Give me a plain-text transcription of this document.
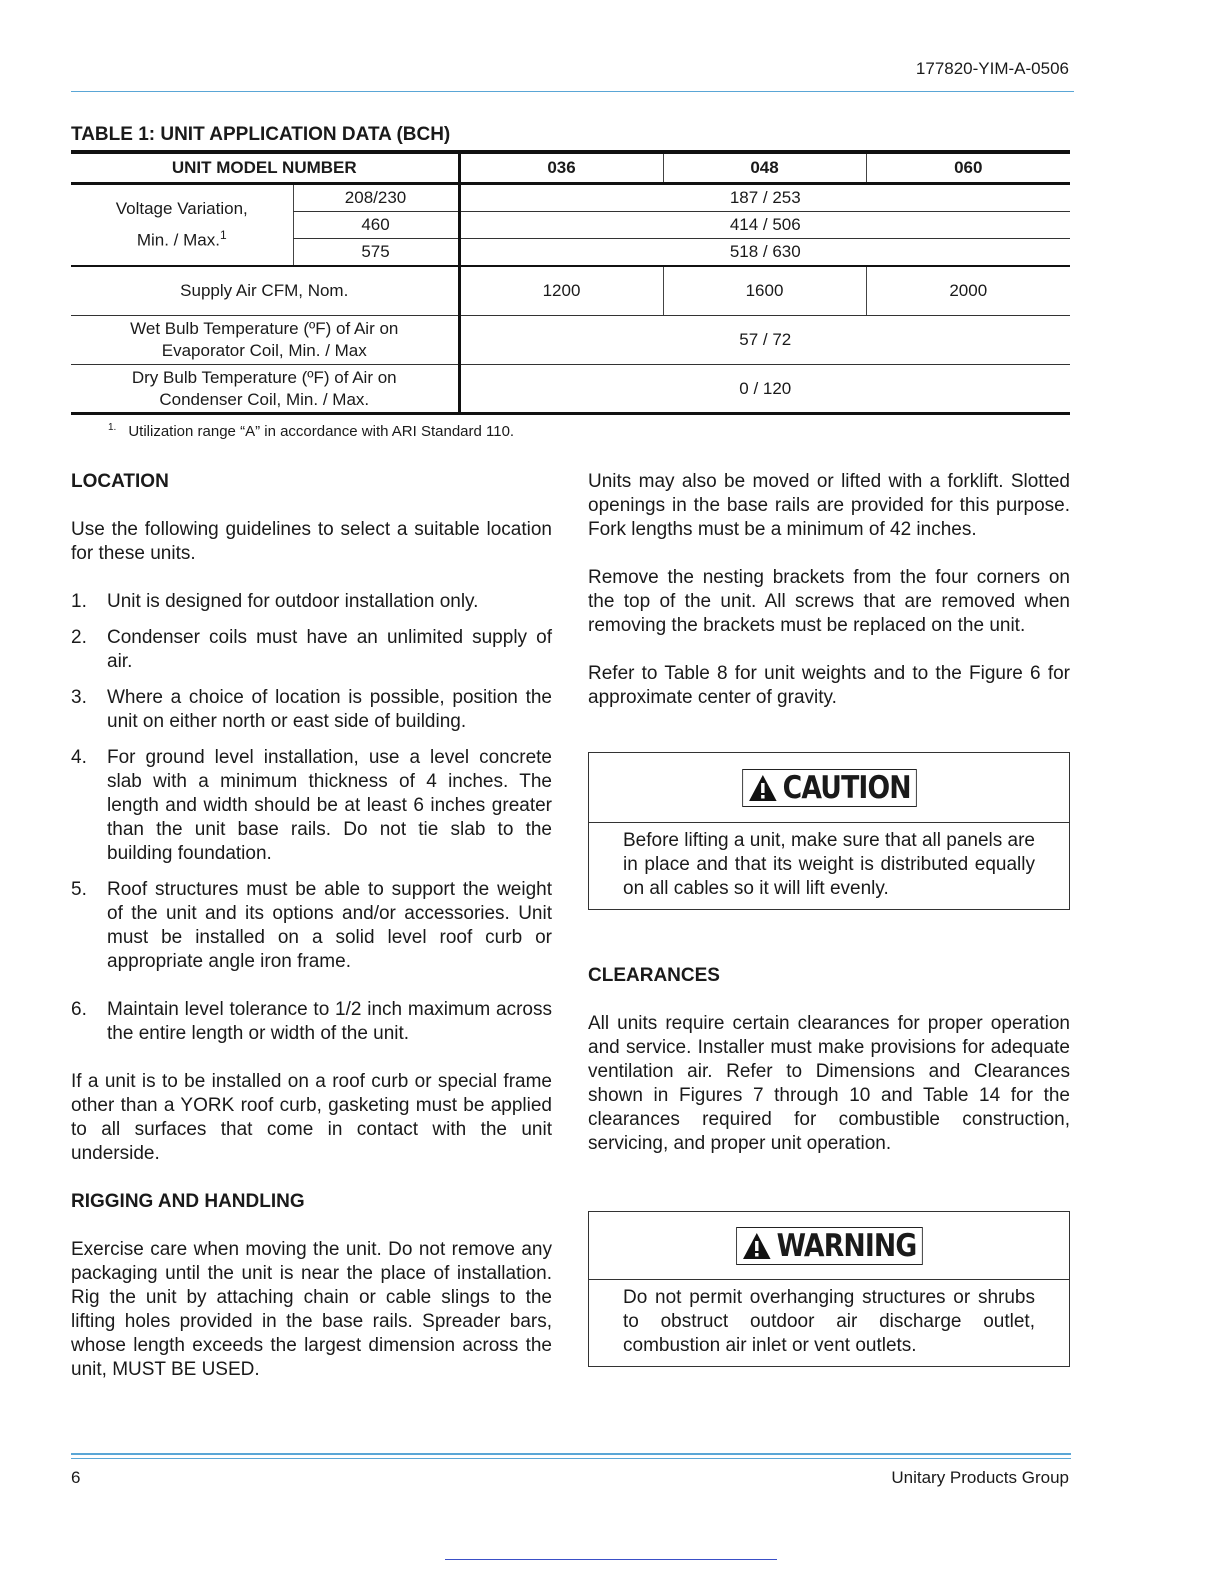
177820-YIM-A-0506
TABLE 1: UNIT APPLICATION DATA (BCH)
UNIT MODEL NUMBER		036	048	060
Voltage Variation,
Min. / Max.$^1$	208/230	187 / 253		
	460	414 / 506		
	575	518 / 630		
Supply Air CFM, Nom.		1200	1600	2000
Wet Bulb Temperature (ºF) of Air on
Evaporator Coil, Min. / Max		57 / 72		
Dry Bulb Temperature (ºF) of Air on
Condenser Coil, Min. / Max.		0 / 120		
$^{1.}$ Utilization range “A” in accordance with ARI Standard 110.
LOCATION
Use the following guidelines to select a suitable location for these units.
1. Unit is designed for outdoor installation only.
2. Condenser coils must have an unlimited supply of air.
3. Where a choice of location is possible, position the unit on either north or east side of building.
4. For ground level installation, use a level concrete slab with a minimum thickness of 4 inches. The length and width should be at least 6 inches greater than the unit base rails. Do not tie slab to the building foundation.
5. Roof structures must be able to support the weight of the unit and its options and/or accessories. Unit must be installed on a solid level roof curb or appropriate angle iron frame.
6. Maintain level tolerance to 1/2 inch maximum across the entire length or width of the unit.
If a unit is to be installed on a roof curb or special frame other than a YORK roof curb, gasketing must be applied to all surfaces that come in contact with the unit underside.
RIGGING AND HANDLING
Exercise care when moving the unit. Do not remove any packaging until the unit is near the place of installation. Rig the unit by attaching chain or cable slings to the lifting holes provided in the base rails. Spreader bars, whose length exceeds the largest dimension across the unit, MUST BE USED.
Units may also be moved or lifted with a forklift. Slotted openings in the base rails are provided for this purpose. Fork lengths must be a minimum of 42 inches.
Remove the nesting brackets from the four corners on the top of the unit. All screws that are removed when removing the brackets must be replaced on the unit.
Refer to Table 8 for unit weights and to the Figure 6 for approximate center of gravity.
CAUTION
Before lifting a unit, make sure that all panels are in place and that its weight is distributed equally on all cables so it will lift evenly.
CLEARANCES
All units require certain clearances for proper operation and service. Installer must make provisions for adequate ventilation air. Refer to Dimensions and Clearances shown in Figures 7 through 10 and Table 14 for the clearances required for combustible construction, servicing, and proper unit operation.
WARNING
Do not permit overhanging structures or shrubs to obstruct outdoor air discharge outlet, combustion air inlet or vent outlets.
6	Unitary Products Group
